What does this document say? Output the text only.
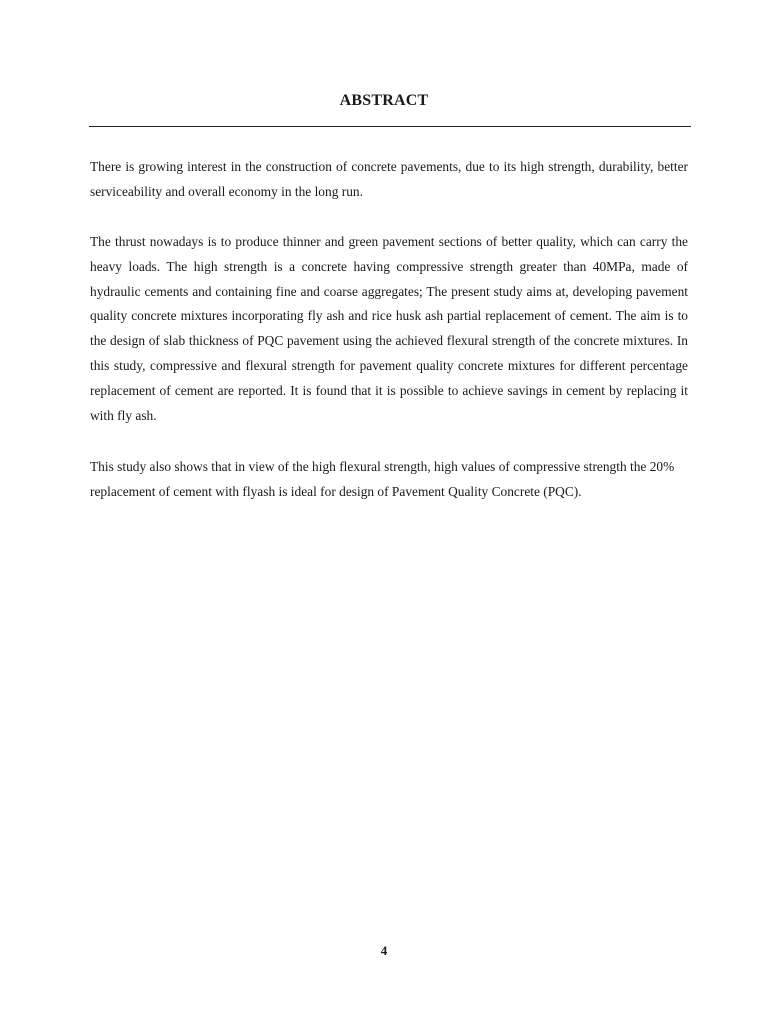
ABSTRACT

There is growing interest in the construction of concrete pavements, due to its high strength, durability, better serviceability and overall economy in the long run.

The thrust nowadays is to produce thinner and green pavement sections of better quality, which can carry the heavy loads. The high strength is a concrete having compressive strength greater than 40MPa, made of hydraulic cements and containing fine and coarse aggregates; The present study aims at, developing pavement quality concrete mixtures incorporating fly ash and rice husk ash partial replacement of cement. The aim is to the design of slab thickness of PQC pavement using the achieved flexural strength of the concrete mixtures. In this study, compressive and flexural strength for pavement quality concrete mixtures for different percentage replacement of cement are reported. It is found that it is possible to achieve savings in cement by replacing it with fly ash.

This study also shows that in view of the high flexural strength, high values of compressive strength the 20% replacement of cement with flyash is ideal for design of Pavement Quality Concrete (PQC).

4
